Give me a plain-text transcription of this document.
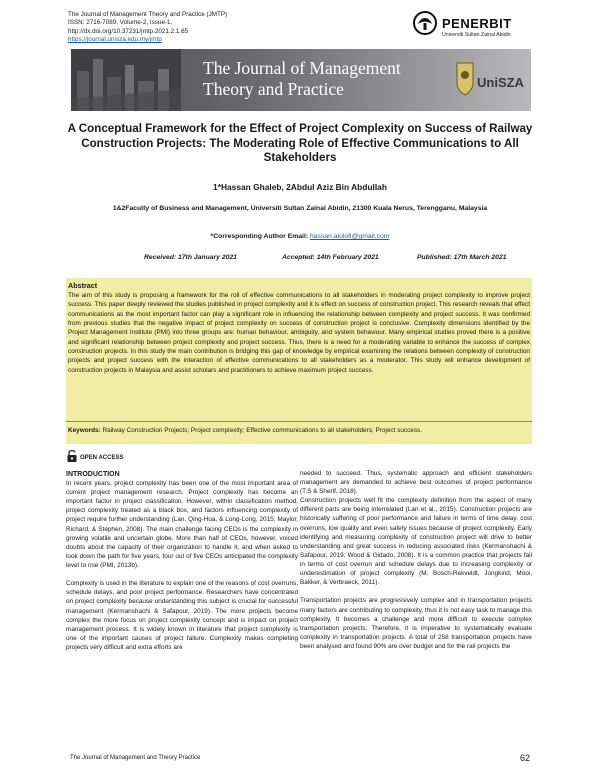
The Journal of Management Theory and Practice (JMTP)
ISSN: 2716-7089, Volume-2, Issue-1,
http://dx.doi.org/10.37231/jmtp.2021.2.1.65
https://journal.unisza.edu.my/jmtp
PENERBIT
Universiti Sultan Zainal Abidin
The Journal of Management
Theory and Practice	UniSZA
A Conceptual Framework for the Effect of Project Complexity on Success of Railway Construction Projects: The Moderating Role of Effective Communications to All Stakeholders
1*Hassan Ghaleb, 2Abdul Aziz Bin Abdullah
1&2Faculty of Business and Management, Universiti Sultan Zainal Abidin, 21300 Kuala Nerus, Terengganu, Malaysia
*Corresponding Author Email: hassan.alolofi@gmail.com
Received: 17th January 2021	Accepted: 14th February 2021	Published: 17th March 2021
Abstract
The aim of this study is proposing a framework for the roll of effective communications to all stakeholders in moderating project complexity to improve project success. This paper deeply reviewed the studies published in project complexity and it is effect on success of construction project. This research reveals that effect communications as the most important factor can play a significant role in influencing the relationship between complexity and project success. It was confirmed from previous studies that the negative impact of project complexity on success of construction project is conclusive. Complexity dimensions identified by the Project Management Institute (PMI) into three groups are: human behaviour, ambiguity, and system behaviour. Many empirical studies proved there is a positive and significant relationship between project complexity and project success. Thus, there is a need for a moderating variable to enhance the success of complex construction projects. In this study the main contribution is bridging this gap of knowledge by empirical examining the relations between complexity of construction projects and project success with the interaction of effective communications to all stakeholders as a moderator. This study will enhance development of construction projects in Malaysia and assist scholars and practitioners to achieve maximum project success.
Keywords: Railway Construction Projects; Project complexity; Effective communications to all stakeholders; Project success.
OPEN ACCESS
INTRODUCTION

In recent years, project complexity has been one of the most important area of current project management research. Project complexity has become an important factor in project classification. However, within classification method, project complexity treated as a black box, and factors influencing complexity of project require further understanding (Lan, Qing-Hua, & Long-Long, 2015; Maylor, Richard, & Stephen, 2008). The main challenge facing CEOs is the complexity in growing volatile and uncertain globe. More than half of CEOs, however, voiced doubts about the capacity of their organization to handle it, and when asked to look down the path for five years, four out of five CEOs anticipated the complexity level to rise (PMI, 2013b).

Complexity is used in the literature to explain one of the reasons of cost overruns, schedule delays, and poor project performance. Researchers have concentrated on project complexity because understanding this subject is crucial for successful management (Kermanshachi & Safapour, 2019). The more projects become complex the more focus on project complexity concept and is impact on project management process. It is widely known in literature that project complexity is one of the important causes of project failure. Complexity makes completing projects very difficult and extra efforts are

needed to succeed. Thus, systematic approach and efficient stakeholders management are demanded to achieve best outcomes of project performance (T.S & Sherif, 2018).

Construction projects well fit the complexity definition from the aspect of many different parts are being interrelated (Lan et al., 2015). Construction projects are historically suffering of poor performance and failure in terms of time delay, cost overruns, low quality and even safety issues because of project complexity. Early identifying and measuring complexity of construction project will drive to better understanding and great success in reducing associated risks (Kermanshachi & Safapour, 2019; Wood & Gidado, 2008). It is a common practice that projects fail in terms of cost overrun and schedule delays due to increasing complexity or underestimation of project complexity (M. Bosch-Rekveldt, Jongkind, Mooi, Bakker, & Verbraeck, 2011).

Transportation projects are progressively complex and in transportation projects many factors are contributing to complexity, thus it is not easy task to manage this complexity. It becomes a challenge and more difficult to execute complex transportation projects. Therefore, it is imperative to systematically evaluate complexity in transportation projects. A total of 258 transportation projects have been analysed and found 90% are over budget and for the rail projects the

The Journal of Management and Theory Practice	62
